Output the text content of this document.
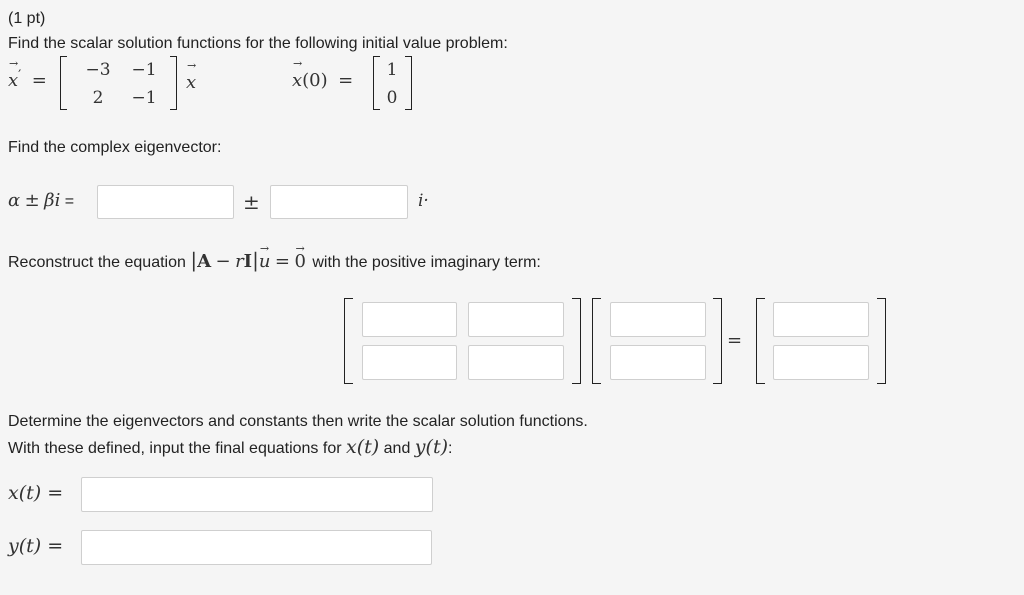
(1 pt)
Find the scalar solution functions for the following initial value problem:
→ x′ =	−3	−1
2	−1
→ x	→ x(0) =	1
0
Find the complex eigenvector:
α ± βi =	±	i·
Reconstruct the equation |A − rI|→ u = → 0 with the positive imaginary term:
=
Determine the eigenvectors and constants then write the scalar solution functions.
With these defined, input the final equations for x(t) and y(t):
x(t) =
y(t) =
